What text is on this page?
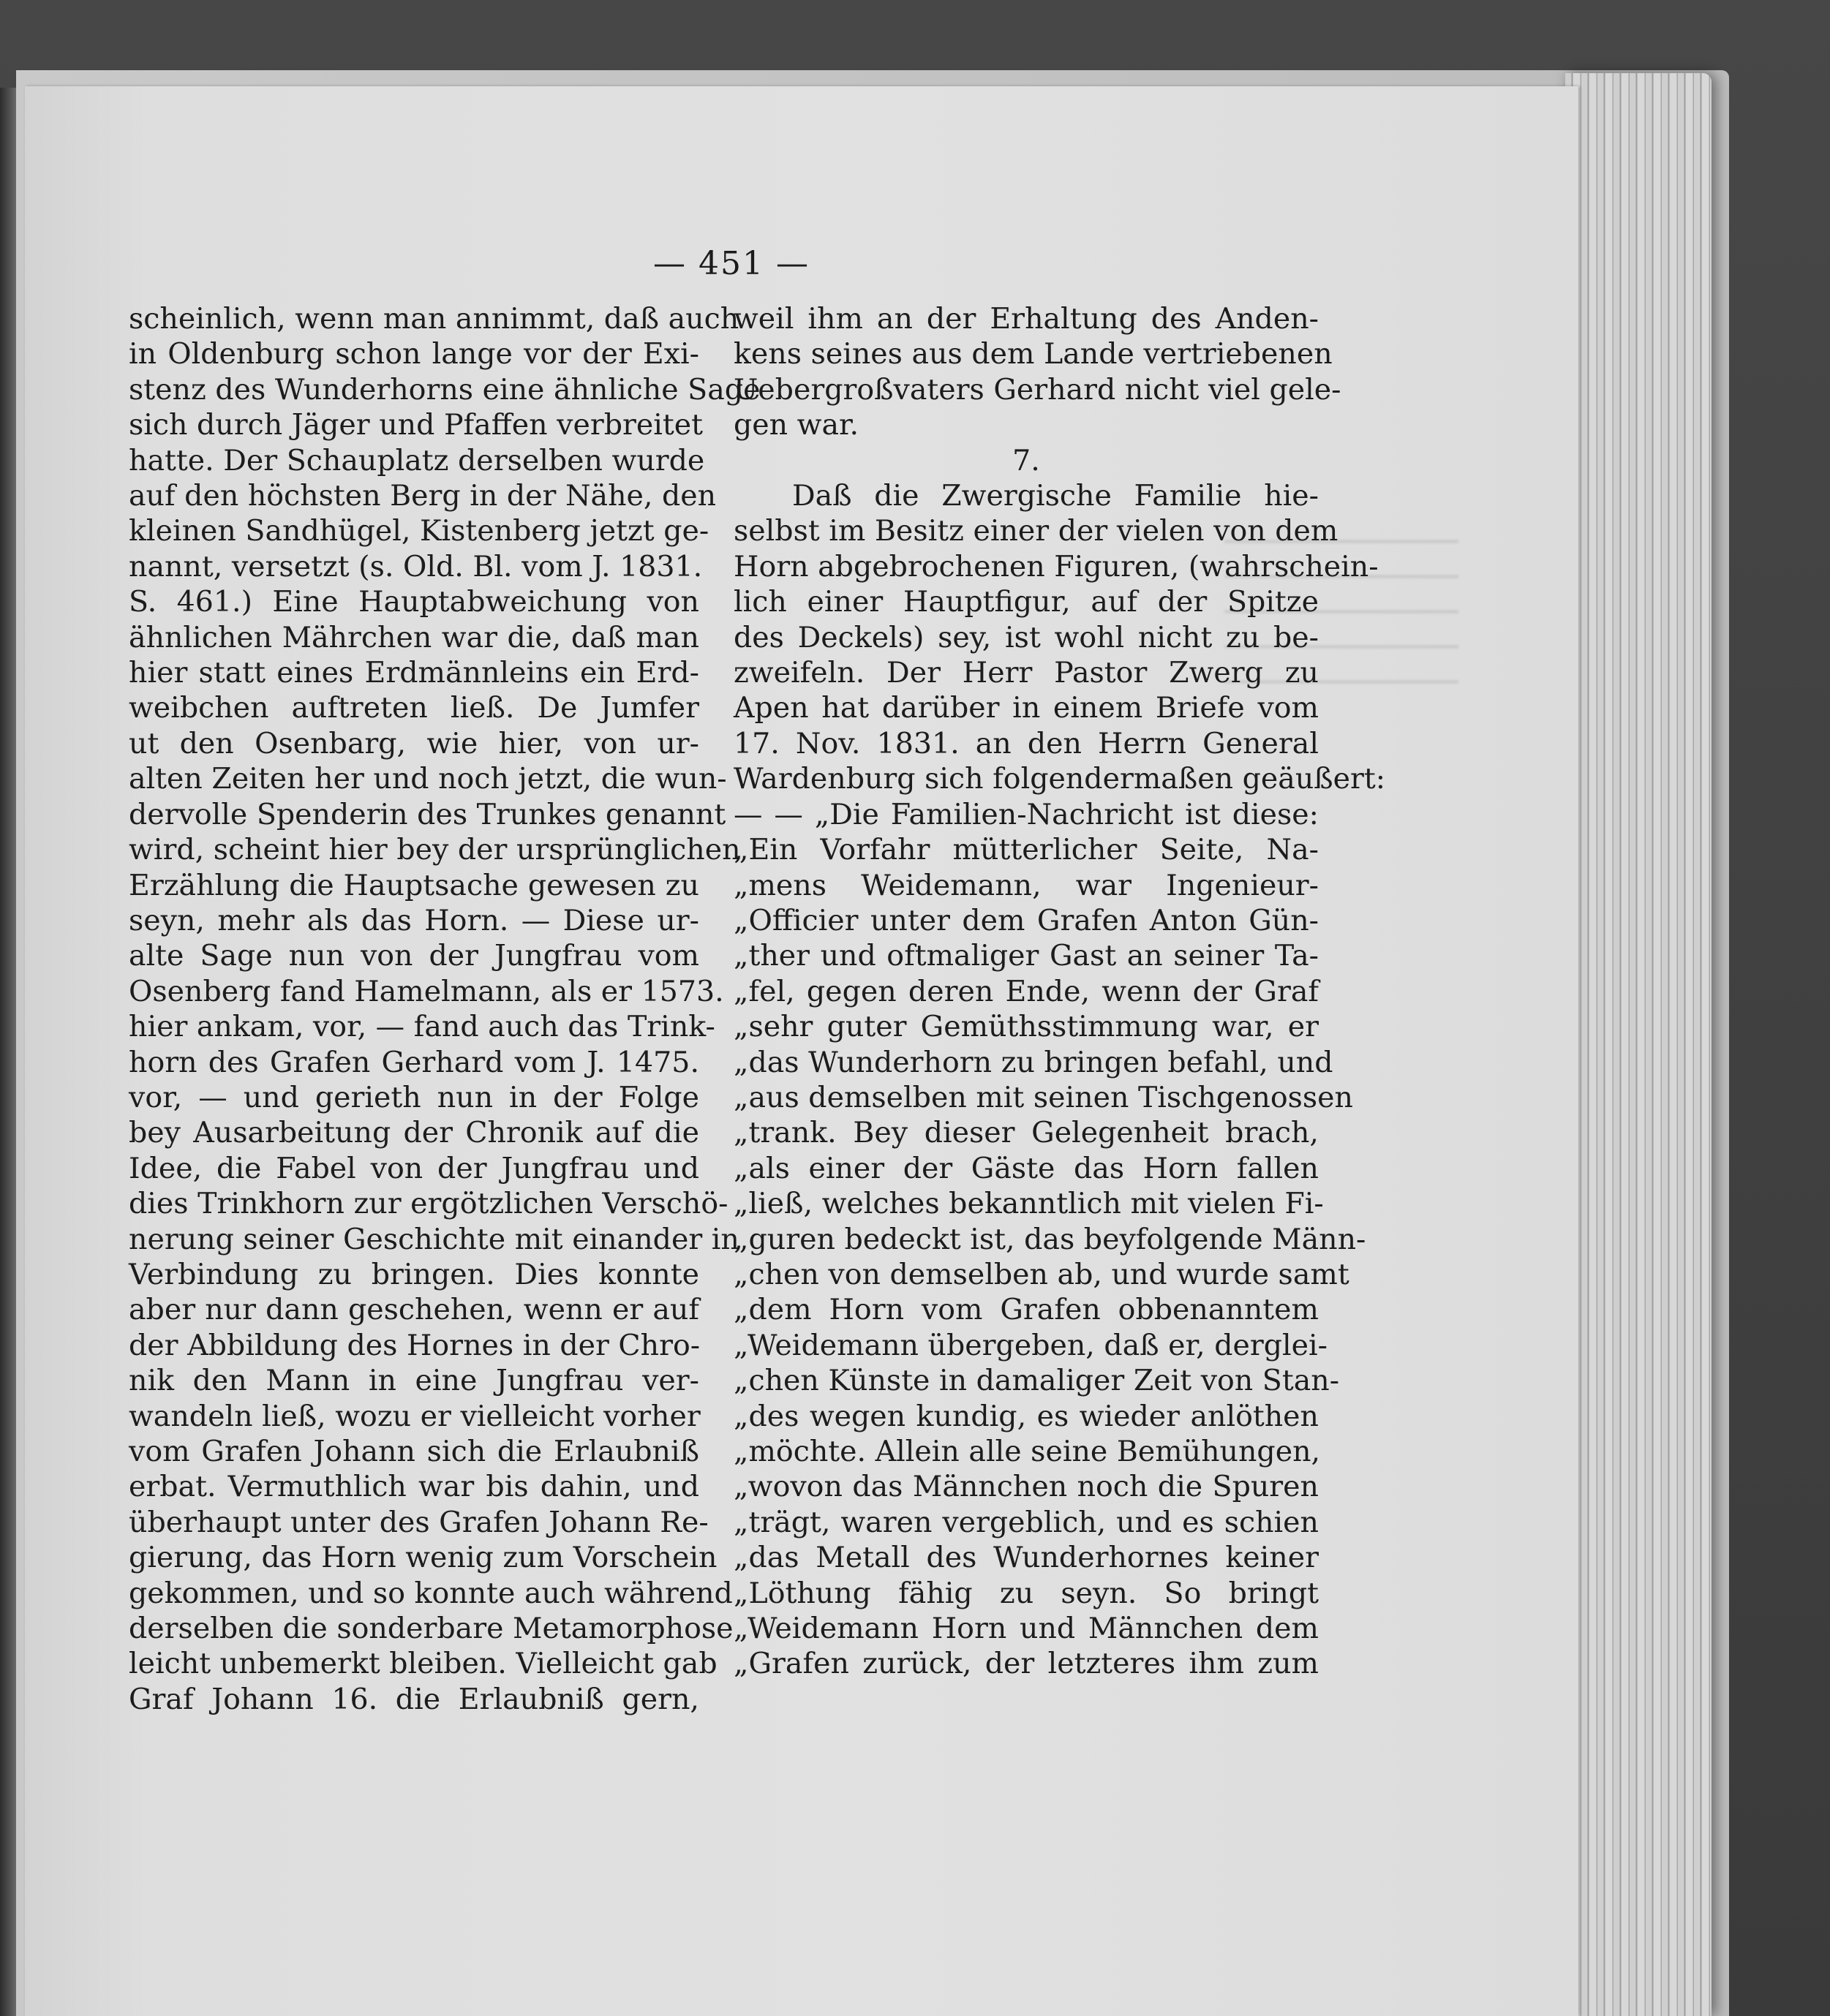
— 451 —
scheinlich, wenn man annimmt, daß auch
in Oldenburg schon lange vor der Exi-
stenz des Wunderhorns eine ähnliche Sage
sich durch Jäger und Pfaffen verbreitet
hatte. Der Schauplatz derselben wurde
auf den höchsten Berg in der Nähe, den
kleinen Sandhügel, Kistenberg jetzt ge-
nannt, versetzt (s. Old. Bl. vom J. 1831.
S. 461.) Eine Hauptabweichung von
ähnlichen Mährchen war die, daß man
hier statt eines Erdmännleins ein Erd-
weibchen auftreten ließ. De Jumfer
ut den Osenbarg, wie hier, von ur-
alten Zeiten her und noch jetzt, die wun-
dervolle Spenderin des Trunkes genannt
wird, scheint hier bey der ursprünglichen
Erzählung die Hauptsache gewesen zu
seyn, mehr als das Horn. — Diese ur-
alte Sage nun von der Jungfrau vom
Osenberg fand Hamelmann, als er 1573.
hier ankam, vor, — fand auch das Trink-
horn des Grafen Gerhard vom J. 1475.
vor, — und gerieth nun in der Folge
bey Ausarbeitung der Chronik auf die
Idee, die Fabel von der Jungfrau und
dies Trinkhorn zur ergötzlichen Verschö-
nerung seiner Geschichte mit einander in
Verbindung zu bringen. Dies konnte
aber nur dann geschehen, wenn er auf
der Abbildung des Hornes in der Chro-
nik den Mann in eine Jungfrau ver-
wandeln ließ, wozu er vielleicht vorher
vom Grafen Johann sich die Erlaubniß
erbat. Vermuthlich war bis dahin, und
überhaupt unter des Grafen Johann Re-
gierung, das Horn wenig zum Vorschein
gekommen, und so konnte auch während
derselben die sonderbare Metamorphose
leicht unbemerkt bleiben. Vielleicht gab
Graf Johann 16. die Erlaubniß gern,
weil ihm an der Erhaltung des Anden-
kens seines aus dem Lande vertriebenen
Uebergroßvaters Gerhard nicht viel gele-
gen war.
7.
Daß die Zwergische Familie hie-
selbst im Besitz einer der vielen von dem
Horn abgebrochenen Figuren, (wahrschein-
lich einer Hauptfigur, auf der Spitze
des Deckels) sey, ist wohl nicht zu be-
zweifeln. Der Herr Pastor Zwerg zu
Apen hat darüber in einem Briefe vom
17. Nov. 1831. an den Herrn General
Wardenburg sich folgendermaßen geäußert:
— — „Die Familien-Nachricht ist diese:
„Ein Vorfahr mütterlicher Seite, Na-
„mens Weidemann, war Ingenieur-
„Officier unter dem Grafen Anton Gün-
„ther und oftmaliger Gast an seiner Ta-
„fel, gegen deren Ende, wenn der Graf
„sehr guter Gemüthsstimmung war, er
„das Wunderhorn zu bringen befahl, und
„aus demselben mit seinen Tischgenossen
„trank. Bey dieser Gelegenheit brach,
„als einer der Gäste das Horn fallen
„ließ, welches bekanntlich mit vielen Fi-
„guren bedeckt ist, das beyfolgende Männ-
„chen von demselben ab, und wurde samt
„dem Horn vom Grafen obbenanntem
„Weidemann übergeben, daß er, derglei-
„chen Künste in damaliger Zeit von Stan-
„des wegen kundig, es wieder anlöthen
„möchte. Allein alle seine Bemühungen,
„wovon das Männchen noch die Spuren
„trägt, waren vergeblich, und es schien
„das Metall des Wunderhornes keiner
„Löthung fähig zu seyn. So bringt
„Weidemann Horn und Männchen dem
„Grafen zurück, der letzteres ihm zum
